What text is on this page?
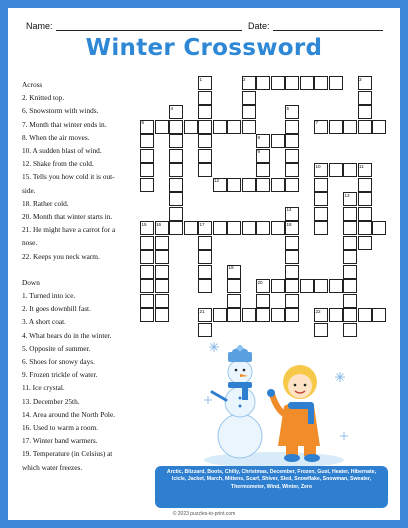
Name:	Date:
Winter Crossword
Across
2. Knitted top.
6. Snowstorm with winds.
7. Month that winter ends in.
8. When the air moves.
10. A sudden blast of wind.
12. Shake from the cold.
15. Tells you how cold it is out-
side.
18. Rather cold.
20. Month that winter starts in.
21. He might have a carrot for a
nose.
22. Keeps you neck warm.
Down
1. Turned into ice.
2. It goes downhill fast.
3. A short coat.
4. What bears do in the winter.
5. Opposite of summer.
6. Shoes for snowy days.
9. Frozen trickle of water.
11. Ice crystal.
13. December 25th.
14. Area around the North Pole.
16. Used to warm a room.
17. Winter band warmers.
19. Temperature (in Celsius) at
which water freezes.
1	2	3
4	5
6	7
8
10	11
12
13
14
15 16	17	18
19
20
21	22
9
Arctic, Blizzard, Boots, Chilly, Christmas, December, Frozen, Gust, Heater, Hibernate, Icicle, Jacket, March, Mittens, Scarf, Shiver, Sled, Snowflake, Snowman, Sweater, Thermometer, Wind, Winter, Zero
© 2023 puzzles-to-print.com
